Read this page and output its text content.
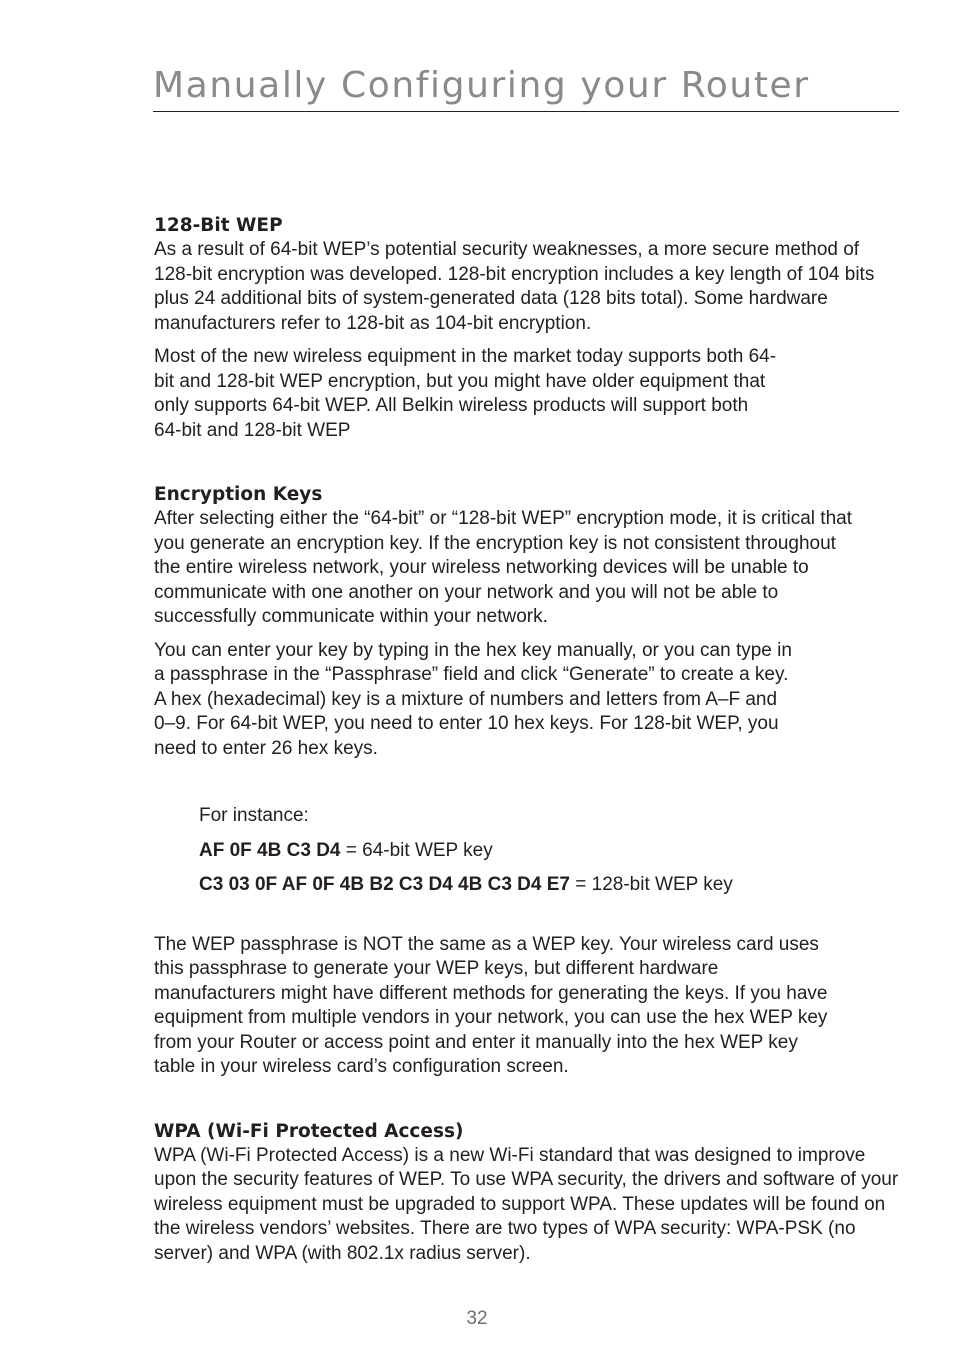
Manually Configuring your Router
128-Bit WEP

As a result of 64-bit WEP’s potential security weaknesses, a more secure method of 128-bit encryption was developed. 128-bit encryption includes a key length of 104 bits plus 24 additional bits of system-generated data (128 bits total). Some hardware manufacturers refer to 128-bit as 104-bit encryption.

Most of the new wireless equipment in the market today supports both 64-bit and 128-bit WEP encryption, but you might have older equipment that only supports 64-bit WEP. All Belkin wireless products will support both 64-bit and 128-bit WEP

Encryption Keys

After selecting either the “64-bit” or “128-bit WEP” encryption mode, it is critical that you generate an encryption key. If the encryption key is not consistent throughout the entire wireless network, your wireless networking devices will be unable to communicate with one another on your network and you will not be able to successfully communicate within your network.

You can enter your key by typing in the hex key manually, or you can type in a passphrase in the “Passphrase” field and click “Generate” to create a key. A hex (hexadecimal) key is a mixture of numbers and letters from A–F and 0–9. For 64-bit WEP, you need to enter 10 hex keys. For 128-bit WEP, you need to enter 26 hex keys.

For instance:
AF 0F 4B C3 D4 = 64-bit WEP key
C3 03 0F AF 0F 4B B2 C3 D4 4B C3 D4 E7 = 128-bit WEP key

The WEP passphrase is NOT the same as a WEP key. Your wireless card uses this passphrase to generate your WEP keys, but different hardware manufacturers might have different methods for generating the keys. If you have equipment from multiple vendors in your network, you can use the hex WEP key from your Router or access point and enter it manually into the hex WEP key table in your wireless card’s configuration screen.

WPA (Wi-Fi Protected Access)

WPA (Wi-Fi Protected Access) is a new Wi-Fi standard that was designed to improve upon the security features of WEP. To use WPA security, the drivers and software of your wireless equipment must be upgraded to support WPA. These updates will be found on the wireless vendors’ websites. There are two types of WPA security: WPA-PSK (no server) and WPA (with 802.1x radius server).

32
